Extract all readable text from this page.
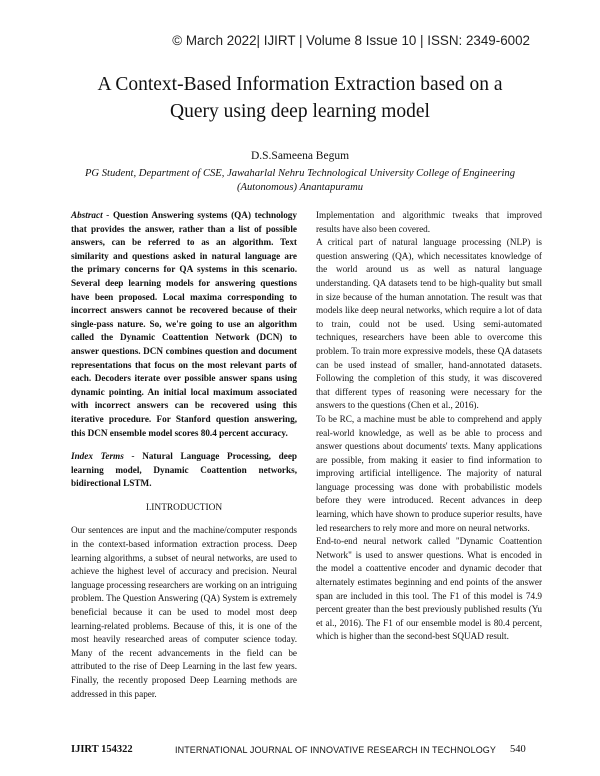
© March 2022| IJIRT | Volume 8 Issue 10 | ISSN: 2349-6002
A Context-Based Information Extraction based on a
Query using deep learning model
D.S.Sameena Begum
PG Student, Department of CSE, Jawaharlal Nehru Technological University College of Engineering
(Autonomous) Anantapuramu

Abstract - Question Answering systems (QA) technology that provides the answer, rather than a list of possible answers, can be referred to as an algorithm. Text similarity and questions asked in natural language are the primary concerns for QA systems in this scenario. Several deep learning models for answering questions have been proposed. Local maxima corresponding to incorrect answers cannot be recovered because of their single-pass nature. So, we're going to use an algorithm called the Dynamic Coattention Network (DCN) to answer questions. DCN combines question and document representations that focus on the most relevant parts of each. Decoders iterate over possible answer spans using dynamic pointing. An initial local maximum associated with incorrect answers can be recovered using this iterative procedure. For Stanford question answering, this DCN ensemble model scores 80.4 percent accuracy.

Index Terms - Natural Language Processing, deep learning model, Dynamic Coattention networks, bidirectional LSTM.

I.INTRODUCTION

Our sentences are input and the machine/computer responds in the context-based information extraction process. Deep learning algorithms, a subset of neural networks, are used to achieve the highest level of accuracy and precision. Neural language processing researchers are working on an intriguing problem. The Question Answering (QA) System is extremely beneficial because it can be used to model most deep learning-related problems. Because of this, it is one of the most heavily researched areas of computer science today. Many of the recent advancements in the field can be attributed to the rise of Deep Learning in the last few years. Finally, the recently proposed Deep Learning methods are addressed in this paper.

Implementation and algorithmic tweaks that improved results have also been covered.

A critical part of natural language processing (NLP) is question answering (QA), which necessitates knowledge of the world around us as well as natural language understanding. QA datasets tend to be high-quality but small in size because of the human annotation. The result was that models like deep neural networks, which require a lot of data to train, could not be used. Using semi-automated techniques, researchers have been able to overcome this problem. To train more expressive models, these QA datasets can be used instead of smaller, hand-annotated datasets. Following the completion of this study, it was discovered that different types of reasoning were necessary for the answers to the questions (Chen et al., 2016).

To be RC, a machine must be able to comprehend and apply real-world knowledge, as well as be able to process and answer questions about documents' texts. Many applications are possible, from making it easier to find information to improving artificial intelligence. The majority of natural language processing was done with probabilistic models before they were introduced. Recent advances in deep learning, which have shown to produce superior results, have led researchers to rely more and more on neural networks.

End-to-end neural network called "Dynamic Coattention Network" is used to answer questions. What is encoded in the model a coattentive encoder and dynamic decoder that alternately estimates beginning and end points of the answer span are included in this tool. The F1 of this model is 74.9 percent greater than the best previously published results (Yu et al., 2016). The F1 of our ensemble model is 80.4 percent, which is higher than the second-best SQUAD result.

IJIRT 154322	INTERNATIONAL JOURNAL OF INNOVATIVE RESEARCH IN TECHNOLOGY 540
